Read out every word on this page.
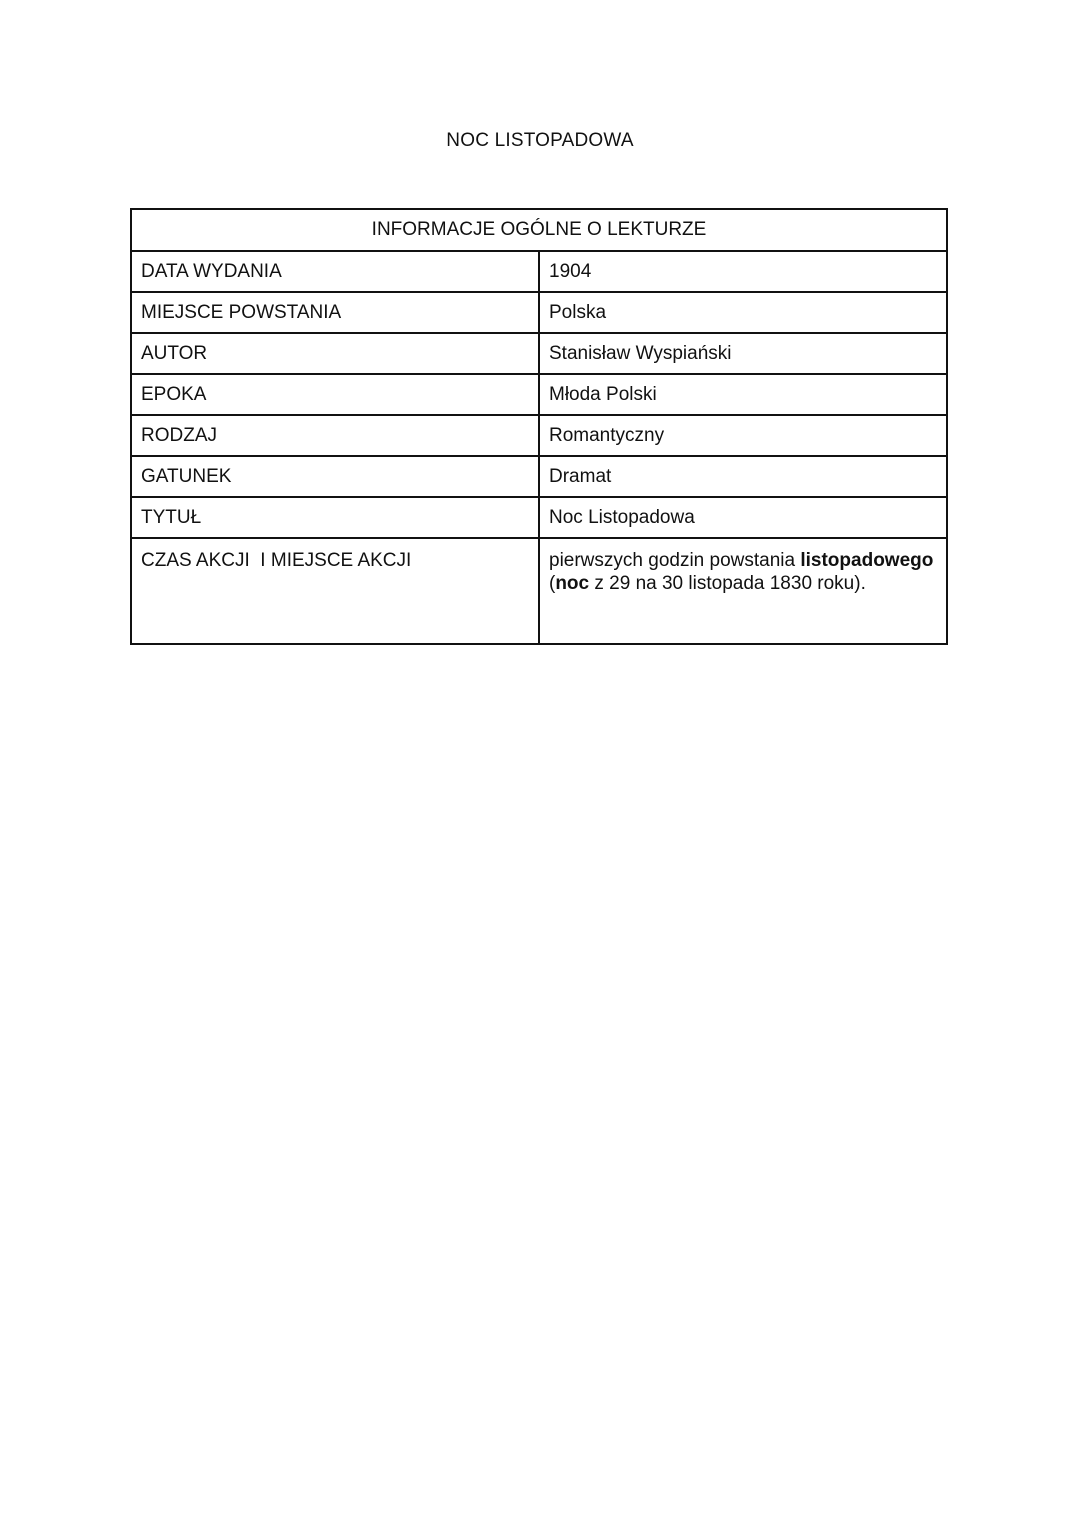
NOC LISTOPADOWA
INFORMACJE OGÓLNE O LEKTURZE	
DATA WYDANIA	1904
MIEJSCE POWSTANIA	Polska
AUTOR	Stanisław Wyspiański
EPOKA	Młoda Polski
RODZAJ	Romantyczny
GATUNEK	Dramat
TYTUŁ	Noc Listopadowa
CZAS AKCJI  I MIEJSCE AKCJI	pierwszych godzin powstania listopadowego (noc z 29 na 30 listopada 1830 roku).
